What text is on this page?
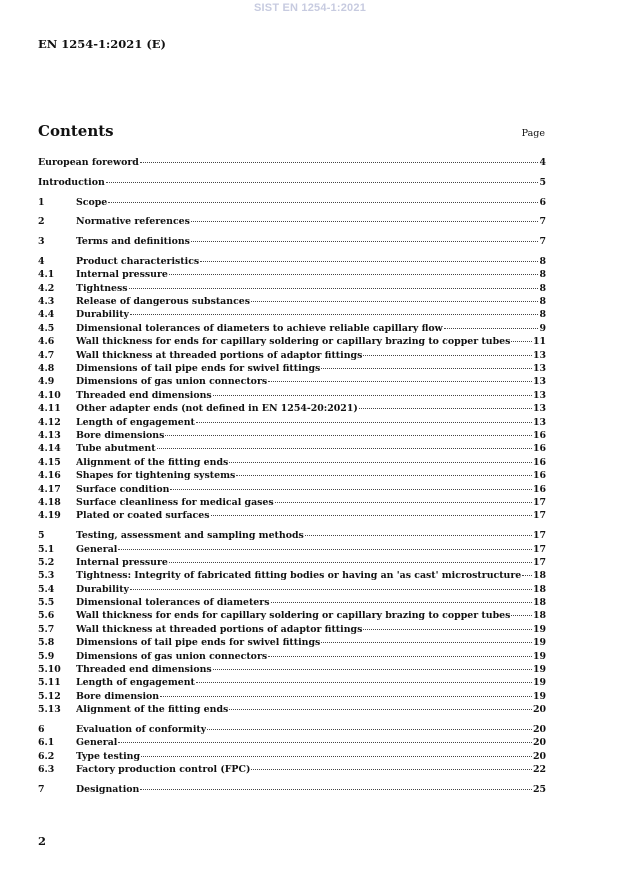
SIST EN 1254-1:2021
EN 1254-1:2021 (E)
Contents	Page
European foreword	4
Introduction	5
1	Scope	6
2	Normative references	7
3	Terms and definitions	7
4	Product characteristics	8
4.1	Internal pressure	8
4.2	Tightness	8
4.3	Release of dangerous substances	8
4.4	Durability	8
4.5	Dimensional tolerances of diameters to achieve reliable capillary flow	9
4.6	Wall thickness for ends for capillary soldering or capillary brazing to copper tubes 11
4.7	Wall thickness at threaded portions of adaptor fittings	13
4.8	Dimensions of tail pipe ends for swivel fittings	13
4.9	Dimensions of gas union connectors	13
4.10	Threaded end dimensions	13
4.11	Other adapter ends (not defined in EN 1254-20:2021)	13
4.12	Length of engagement	13
4.13	Bore dimensions	16
4.14	Tube abutment	16
4.15	Alignment of the fitting ends	16
4.16	Shapes for tightening systems	16
4.17	Surface condition	16
4.18	Surface cleanliness for medical gases	17
4.19	Plated or coated surfaces	17
5	Testing, assessment and sampling methods	17
5.1	General	17
5.2	Internal pressure	17
5.3	Tightness: Integrity of fabricated fitting bodies or having an 'as cast' microstructure 18
5.4	Durability	18
5.5	Dimensional tolerances of diameters	18
5.6	Wall thickness for ends for capillary soldering or capillary brazing to copper tubes 18
5.7	Wall thickness at threaded portions of adaptor fittings	19
5.8	Dimensions of tail pipe ends for swivel fittings	19
5.9	Dimensions of gas union connectors	19
5.10	Threaded end dimensions	19
5.11	Length of engagement	19
5.12	Bore dimension	19
5.13	Alignment of the fitting ends	20
6	Evaluation of conformity	20
6.1	General	20
6.2	Type testing	20
6.3	Factory production control (FPC)	22
7	Designation	25
2
